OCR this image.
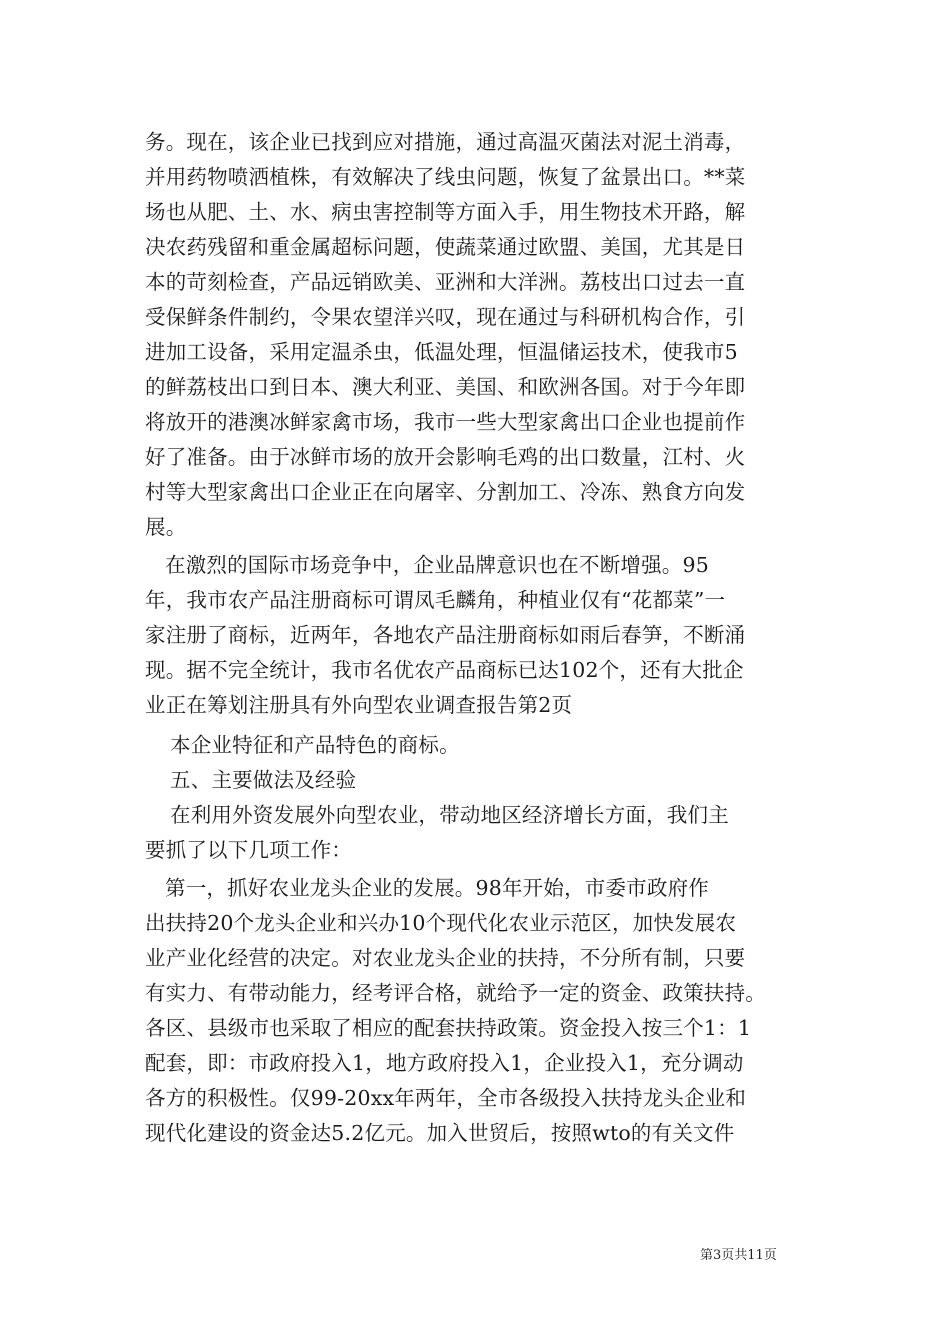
务。现在，该企业已找到应对措施，通过高温灭菌法对泥土消毒，
并用药物喷洒植株，有效解决了线虫问题，恢复了盆景出口。**菜
场也从肥、土、水、病虫害控制等方面入手，用生物技术开路，解
决农药残留和重金属超标问题，使蔬菜通过欧盟、美国，尤其是日
本的苛刻检查，产品远销欧美、亚洲和大洋洲。荔枝出口过去一直
受保鲜条件制约，令果农望洋兴叹，现在通过与科研机构合作，引
进加工设备，采用定温杀虫，低温处理，恒温储运技术，使我市5
的鲜荔枝出口到日本、澳大利亚、美国、和欧洲各国。对于今年即
将放开的港澳冰鲜家禽市场，我市一些大型家禽出口企业也提前作
好了准备。由于冰鲜市场的放开会影响毛鸡的出口数量，江村、火
村等大型家禽出口企业正在向屠宰、分割加工、冷冻、熟食方向发
展。
在激烈的国际市场竞争中，企业品牌意识也在不断增强。95
年，我市农产品注册商标可谓凤毛麟角，种植业仅有“花都菜”一
家注册了商标，近两年，各地农产品注册商标如雨后春笋，不断涌
现。据不完全统计，我市名优农产品商标已达102个，还有大批企
业正在筹划注册具有外向型农业调查报告第2页
本企业特征和产品特色的商标。
五、主要做法及经验
在利用外资发展外向型农业，带动地区经济增长方面，我们主
要抓了以下几项工作：
第一，抓好农业龙头企业的发展。98年开始，市委市政府作
出扶持20个龙头企业和兴办10个现代化农业示范区，加快发展农
业产业化经营的决定。对农业龙头企业的扶持，不分所有制，只要
有实力、有带动能力，经考评合格，就给予一定的资金、政策扶持。
各区、县级市也采取了相应的配套扶持政策。资金投入按三个1：1
配套，即：市政府投入1，地方政府投入1，企业投入1，充分调动
各方的积极性。仅99-20xx年两年，全市各级投入扶持龙头企业和
现代化建设的资金达5.2亿元。加入世贸后，按照wto的有关文件
第3页共11页
